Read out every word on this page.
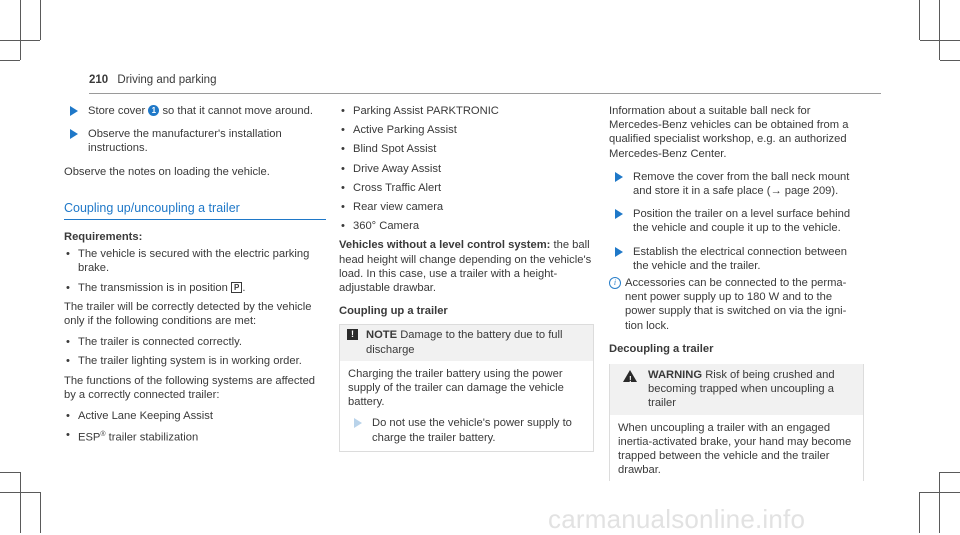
210 Driving and parking
Store cover 1 so that it cannot move around.
Observe the manufacturer's installation instructions.

Observe the notes on loading the vehicle.

Coupling up/uncoupling a trailer

Requirements:

• The vehicle is secured with the electric parking brake.
• The transmission is in position P .

The trailer will be correctly detected by the vehicle only if the following conditions are met:

• The trailer is connected correctly.
• The trailer lighting system is in working order.

The functions of the following systems are affected by a correctly connected trailer:

• Active Lane Keeping Assist
• ESP® trailer stabilization
• Parking Assist PARKTRONIC
• Active Parking Assist
• Blind Spot Assist
• Drive Away Assist
• Cross Traffic Alert
• Rear view camera
• 360° Camera

Vehicles without a level control system: the ball head height will change depending on the vehicle's load. In this case, use a trailer with a height-adjustable drawbar.

Coupling up a trailer

!	NOTE Damage to the battery due to full discharge

Charging the trailer battery using the power supply of the trailer can damage the vehicle battery.

Do not use the vehicle's power supply to charge the trailer battery.

Information about a suitable ball neck for Mercedes-Benz vehicles can be obtained from a qualified specialist workshop, e.g. an authorized Mercedes-Benz Center.

Remove the cover from the ball neck mount and store it in a safe place (→ page 209).
Position the trailer on a level surface behind the vehicle and couple it up to the vehicle.
Establish the electrical connection between the vehicle and the trailer.
i Accessories can be connected to the perma-nent power supply up to 180 W and to the power supply that is switched on via the igni-tion lock.

Decoupling a trailer

! WARNING Risk of being crushed and becoming trapped when uncoupling a trailer
When uncoupling a trailer with an engaged inertia-activated brake, your hand may become trapped between the vehicle and the trailer drawbar.
carmanualsonline.info
